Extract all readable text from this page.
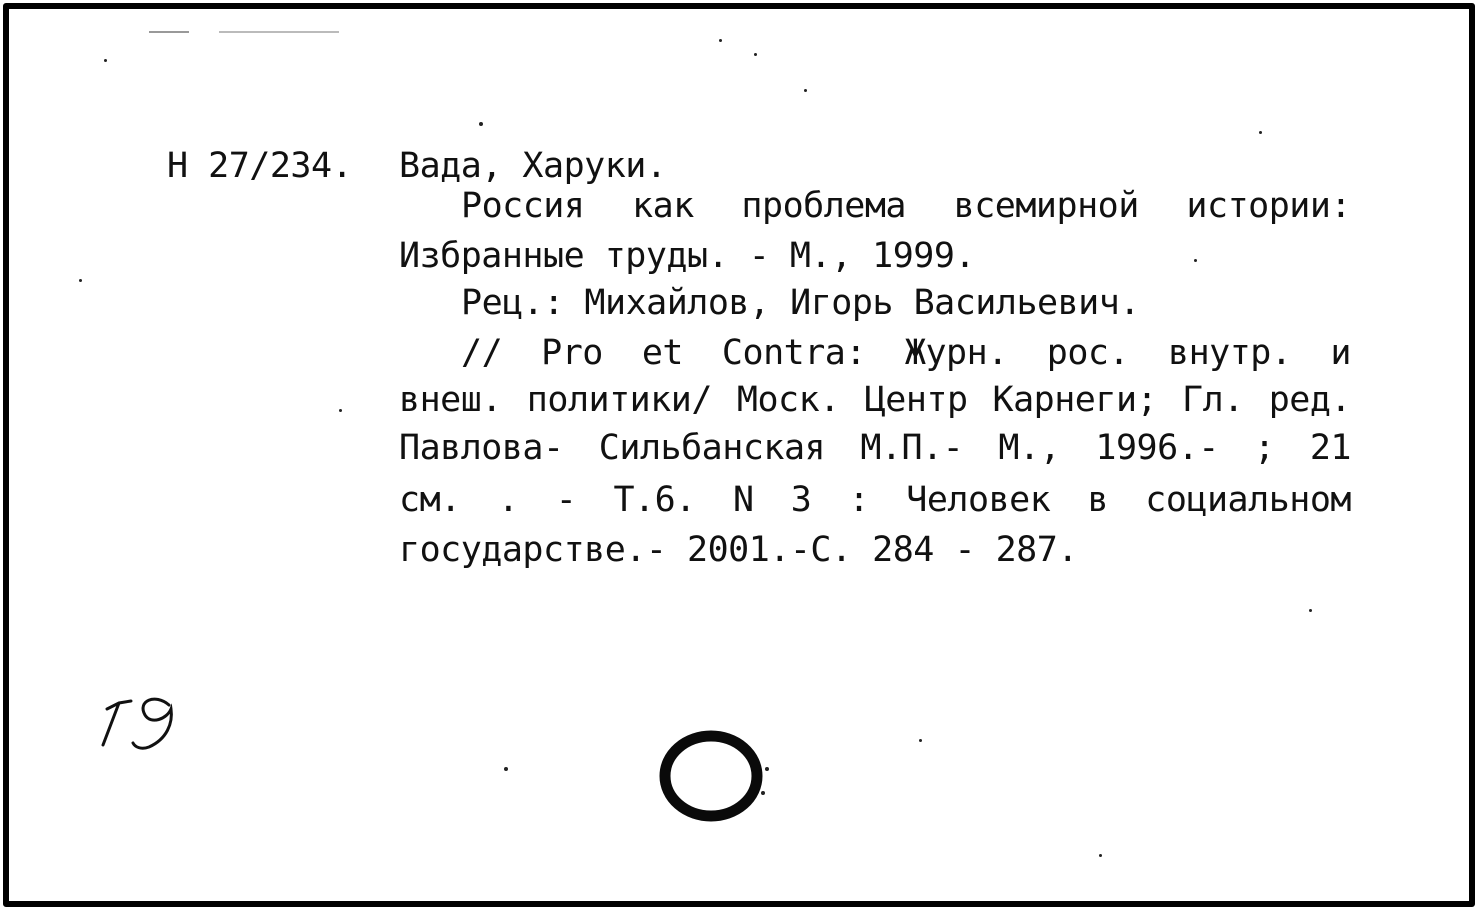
Н 27/234. Вада, Харуки.
Россия как проблема всемирной истории:
Избранные труды. - М., 1999.
Рец.: Михайлов, Игорь Васильевич.
// Pro et Contra: Журн. рос. внутр. и
внеш. политики/ Моск. Центр Карнеги; Гл. ред.
Павлова- Сильбанская М.П.- М., 1996.- ; 21
см. . - Т.6. N 3 : Человек в социальном
государстве.- 2001.-С. 284 - 287.
